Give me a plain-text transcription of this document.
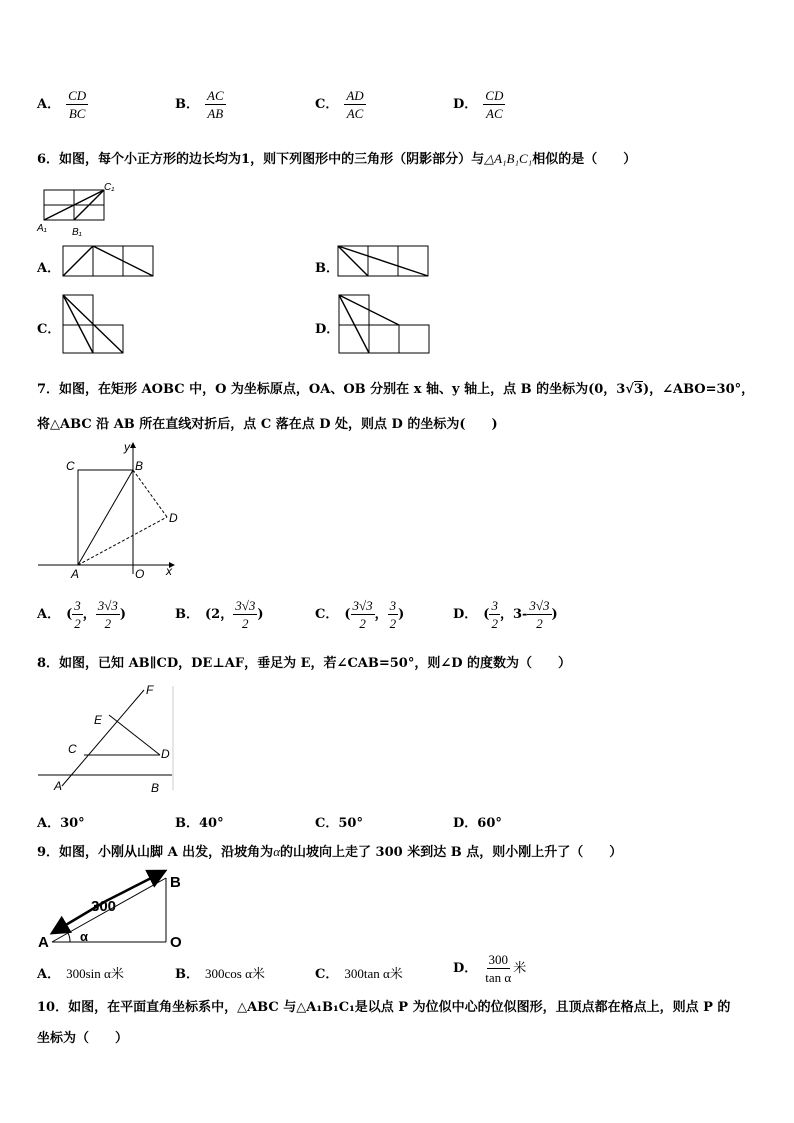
A． $\frac{CD}{BC}$	B． $\frac{AC}{AB}$	C． $\frac{AD}{AC}$	D． $\frac{CD}{AC}$
6．如图，每个小正方形的边长均为1，则下列图形中的三角形（阴影部分）与△A₁B₁C₁相似的是（　　）
C₁
A₁	B₁
A．	B．
C．	D．
7．如图，在矩形 AOBC 中，O 为坐标原点，OA、OB 分别在 x 轴、y 轴上，点 B 的坐标为(0，3√3)，∠ABO=30°，
将△ABC 沿 AB 所在直线对折后，点 C 落在点 D 处，则点 D 的坐标为(　　)
C	B
D
A	O x
y
A． ( $\frac{3}{2}$ ， $\frac{3√3}{2}$ )	B． (2， $\frac{3√3}{2}$ )	C． ( $\frac{3√3}{2}$ ， $\frac{3}{2}$ )	D． ( $\frac{3}{2}$ ，$3- \frac{3√3}{2}$ )
8．如图，已知 AB∥CD，DE⊥AF，垂足为 E，若∠CAB=50°，则∠D 的度数为（　　）
F
E
C	D
A	B
A．30°	B．40°	C．50°	D．60°
9．如图，小刚从山脚 A 出发，沿坡角为α的山坡向上走了 300 米到达 B 点，则小刚上升了（　　）
300
B
A	O
α
A． 300sin α米	B． 300cos α米	C． 300tan α米	D． $\frac{300}{\text{tan α}}$ 米
10．如图，在平面直角坐标系中，△ABC 与△A₁B₁C₁是以点 P 为位似中心的位似图形，且顶点都在格点上，则点 P 的
坐标为（　　）
